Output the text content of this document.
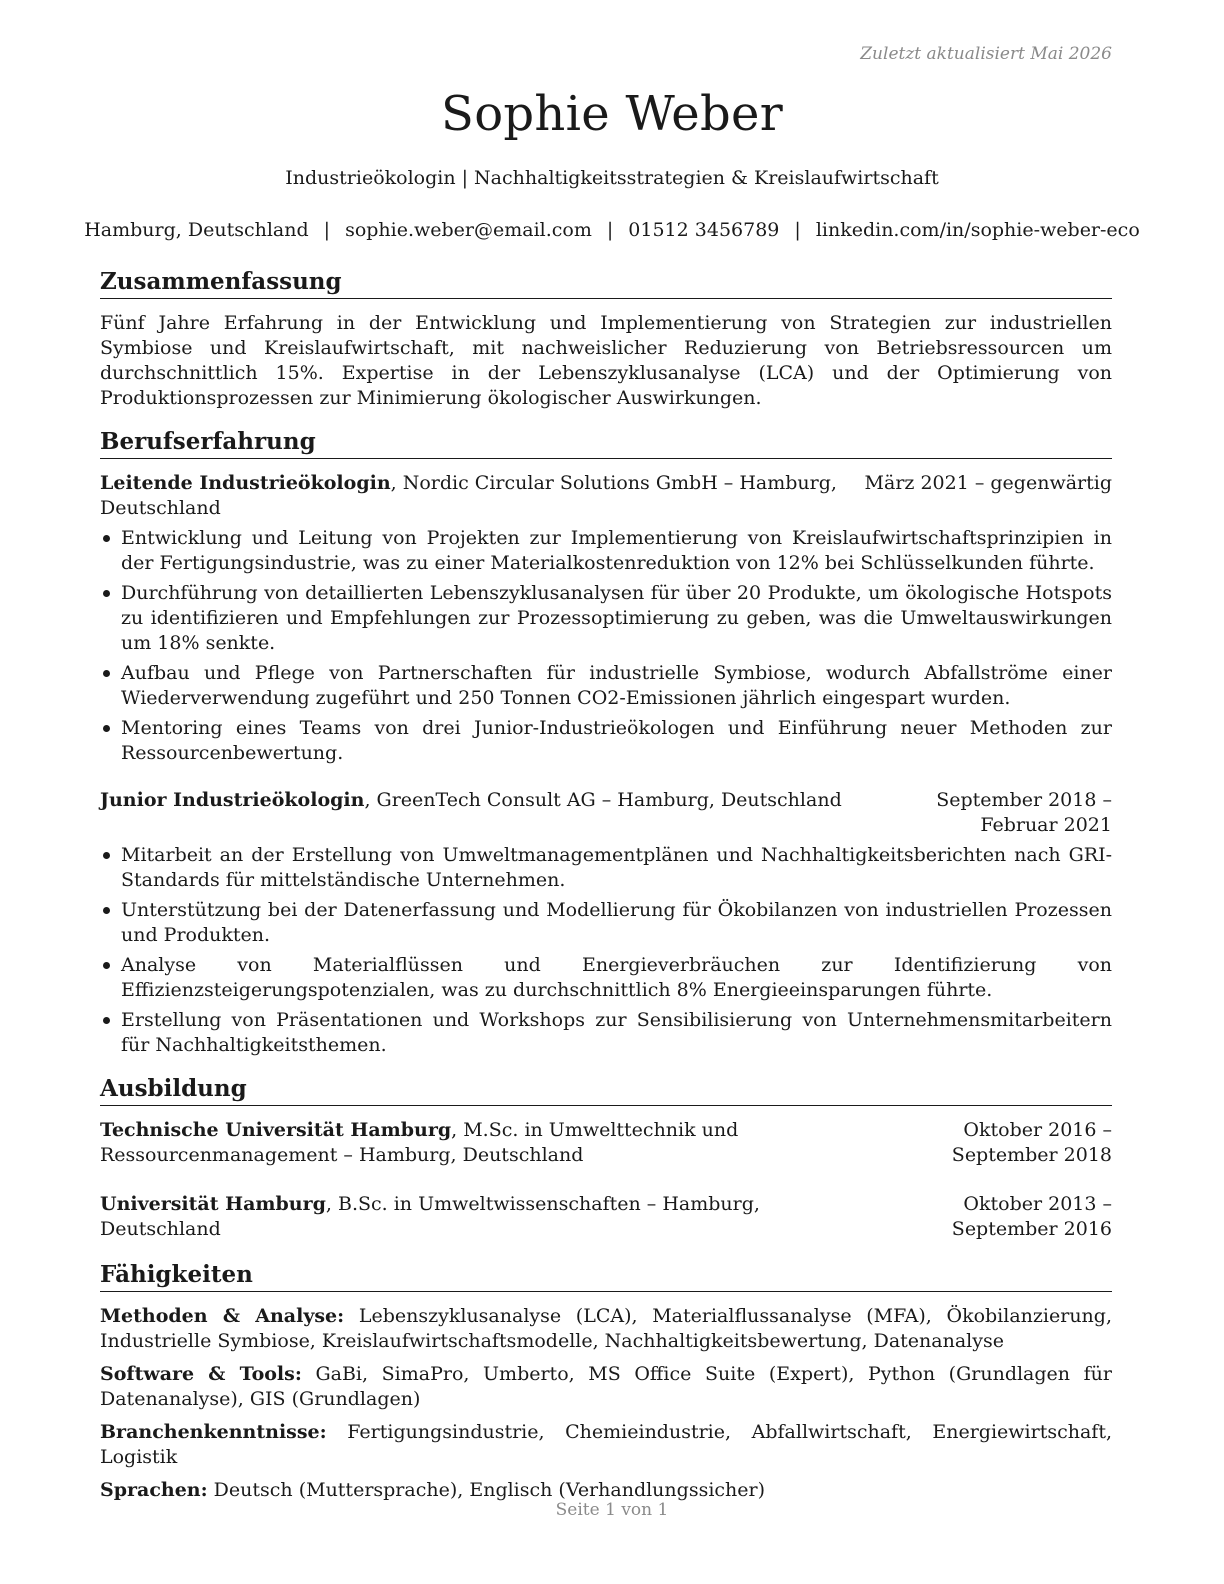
Zuletzt aktualisiert Mai 2026
Sophie Weber
Industrieökologin | Nachhaltigkeitsstrategien & Kreislaufwirtschaft
Hamburg, Deutschland | sophie.weber@email.com | 01512 3456789 | linkedin.com/in/sophie-weber-eco
Zusammenfassung

Fünf Jahre Erfahrung in der Entwicklung und Implementierung von Strategien zur industriellen Symbiose und Kreislaufwirtschaft, mit nachweislicher Reduzierung von Betriebsressourcen um durchschnittlich 15%. Expertise in der Lebenszyklusanalyse (LCA) und der Optimierung von Produktionsprozessen zur Minimierung ökologischer Auswirkungen.

Berufserfahrung
Leitende Industrieökologin, Nordic Circular Solutions GmbH – Hamburg, Deutschland
März 2021 – gegenwärtig
Entwicklung und Leitung von Projekten zur Implementierung von Kreislaufwirtschaftsprinzipien in der Fertigungsindustrie, was zu einer Materialkostenreduktion von 12% bei Schlüsselkunden führte.
Durchführung von detaillierten Lebenszyklusanalysen für über 20 Produkte, um ökologische Hotspots zu identifizieren und Empfehlungen zur Prozessoptimierung zu geben, was die Umweltauswirkungen um 18% senkte.
Aufbau und Pflege von Partnerschaften für industrielle Symbiose, wodurch Abfallströme einer Wiederverwendung zugeführt und 250 Tonnen CO2-Emissionen jährlich eingespart wurden.
Mentoring eines Teams von drei Junior-Industrieökologen und Einführung neuer Methoden zur Ressourcenbewertung.
Junior Industrieökologin, GreenTech Consult AG – Hamburg, Deutschland	September 2018 – Februar 2021
Mitarbeit an der Erstellung von Umweltmanagementplänen und Nachhaltigkeitsberichten nach GRI-Standards für mittelständische Unternehmen.
Unterstützung bei der Datenerfassung und Modellierung für Ökobilanzen von industriellen Prozessen und Produkten.
Analyse von Materialflüssen und Energieverbräuchen zur Identifizierung von Effizienzsteigerungspotenzialen, was zu durchschnittlich 8% Energieeinsparungen führte.
Erstellung von Präsentationen und Workshops zur Sensibilisierung von Unternehmensmitarbeitern für Nachhaltigkeitsthemen.
Ausbildung
Technische Universität Hamburg, M.Sc. in Umwelttechnik und Ressourcenmanagement – Hamburg, Deutschland
Oktober 2016 – September 2018
Universität Hamburg, B.Sc. in Umweltwissenschaften – Hamburg, Deutschland
Oktober 2013 – September 2016
Fähigkeiten
Methoden & Analyse: Lebenszyklusanalyse (LCA), Materialflussanalyse (MFA), Ökobilanzierung, Industrielle Symbiose, Kreislaufwirtschaftsmodelle, Nachhaltigkeitsbewertung, Datenanalyse
Software & Tools: GaBi, SimaPro, Umberto, MS Office Suite (Expert), Python (Grundlagen für Datenanalyse), GIS (Grundlagen)
Branchenkenntnisse: Fertigungsindustrie, Chemieindustrie, Abfallwirtschaft, Energiewirtschaft, Logistik
Sprachen: Deutsch (Muttersprache), Englisch (Verhandlungssicher)
Seite 1 von 1
